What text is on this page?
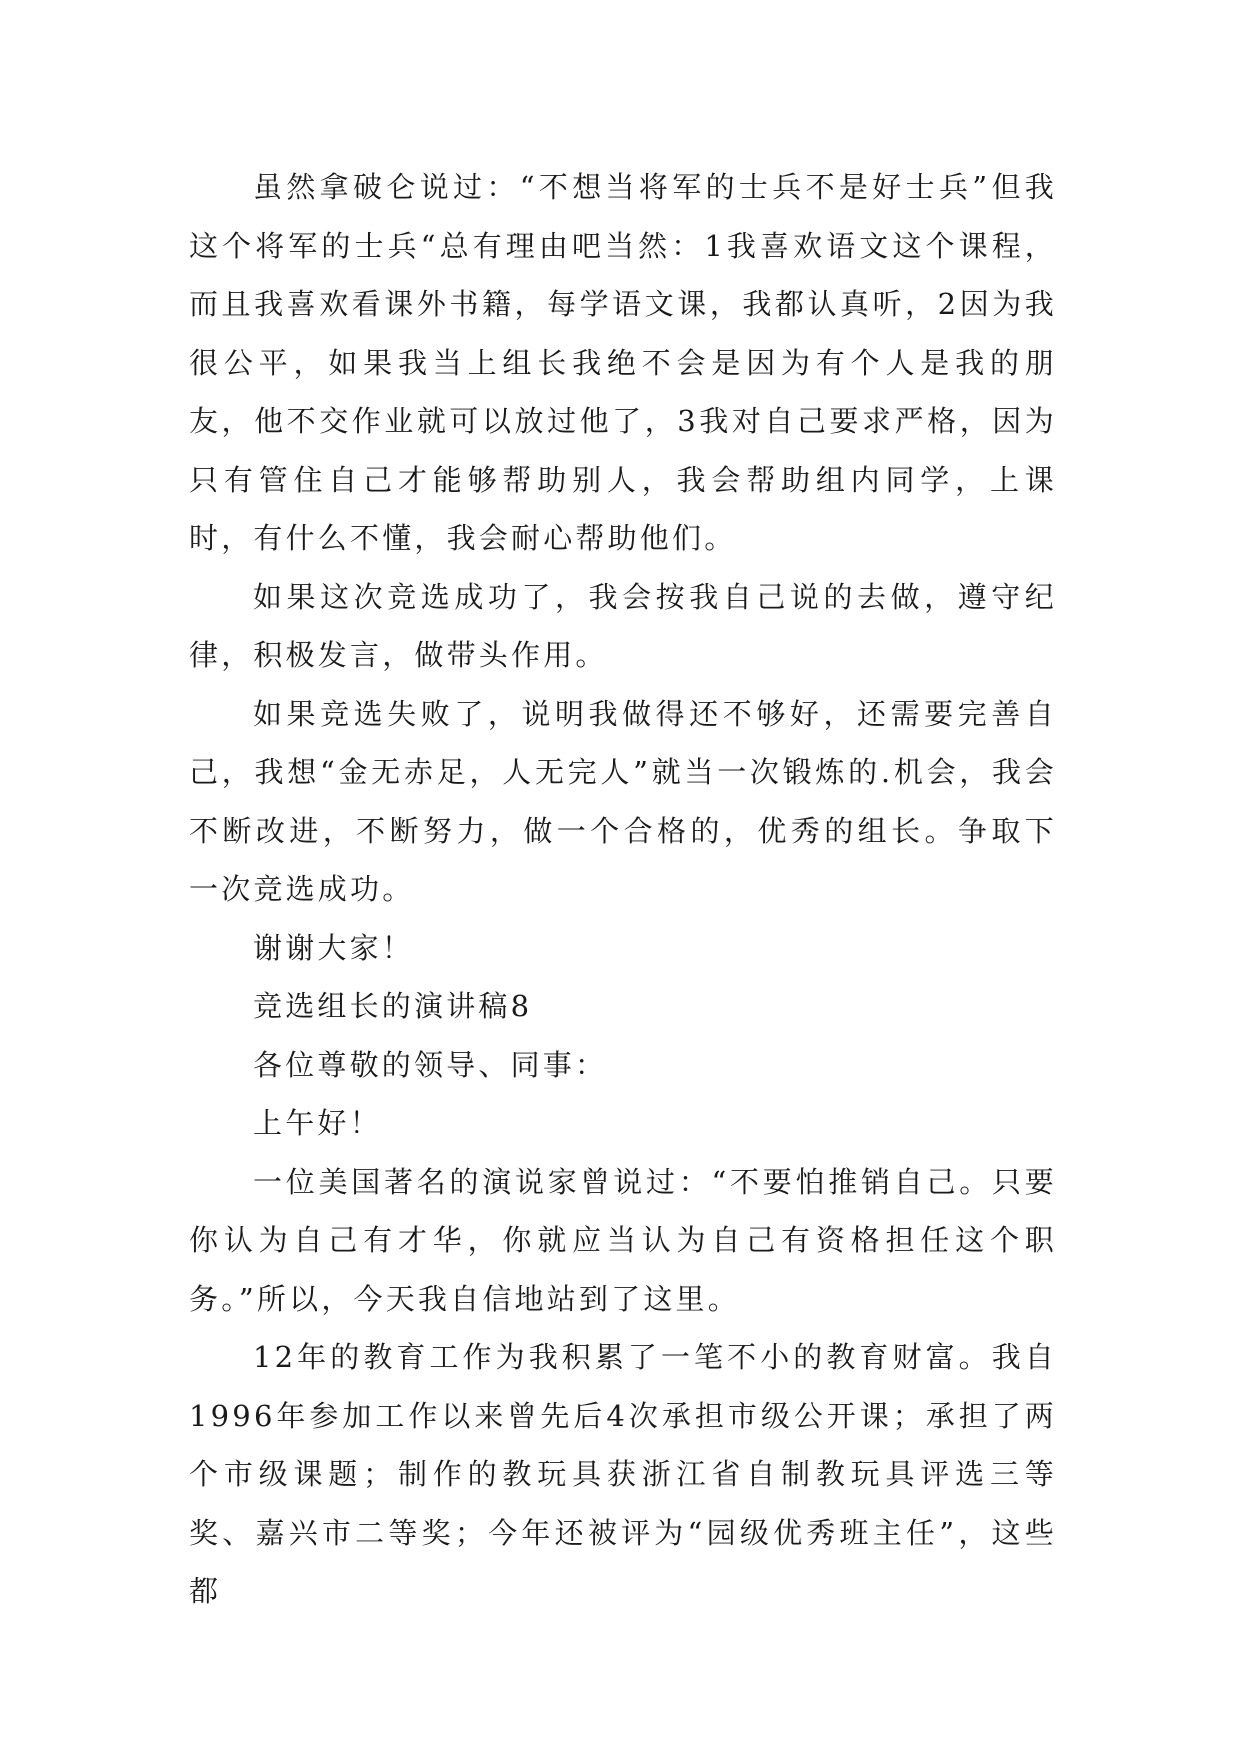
虽然拿破仑说过：“不想当将军的士兵不是好士兵”但我这个将军的士兵“总有理由吧当然：1我喜欢语文这个课程，而且我喜欢看课外书籍，每学语文课，我都认真听，2因为我很公平，如果我当上组长我绝不会是因为有个人是我的朋友，他不交作业就可以放过他了，3我对自己要求严格，因为只有管住自己才能够帮助别人，我会帮助组内同学，上课时，有什么不懂，我会耐心帮助他们。

如果这次竞选成功了，我会按我自己说的去做，遵守纪律，积极发言，做带头作用。

如果竞选失败了，说明我做得还不够好，还需要完善自己，我想“金无赤足，人无完人”就当一次锻炼的.机会，我会不断改进，不断努力，做一个合格的，优秀的组长。争取下一次竞选成功。

谢谢大家！

竞选组长的演讲稿8

各位尊敬的领导、同事：

上午好！

一位美国著名的演说家曾说过：“不要怕推销自己。只要你认为自己有才华，你就应当认为自己有资格担任这个职务。”所以，今天我自信地站到了这里。

12年的教育工作为我积累了一笔不小的教育财富。我自1996年参加工作以来曾先后4次承担市级公开课；承担了两个市级课题；制作的教玩具获浙江省自制教玩具评选三等奖、嘉兴市二等奖；今年还被评为“园级优秀班主任”，这些都
